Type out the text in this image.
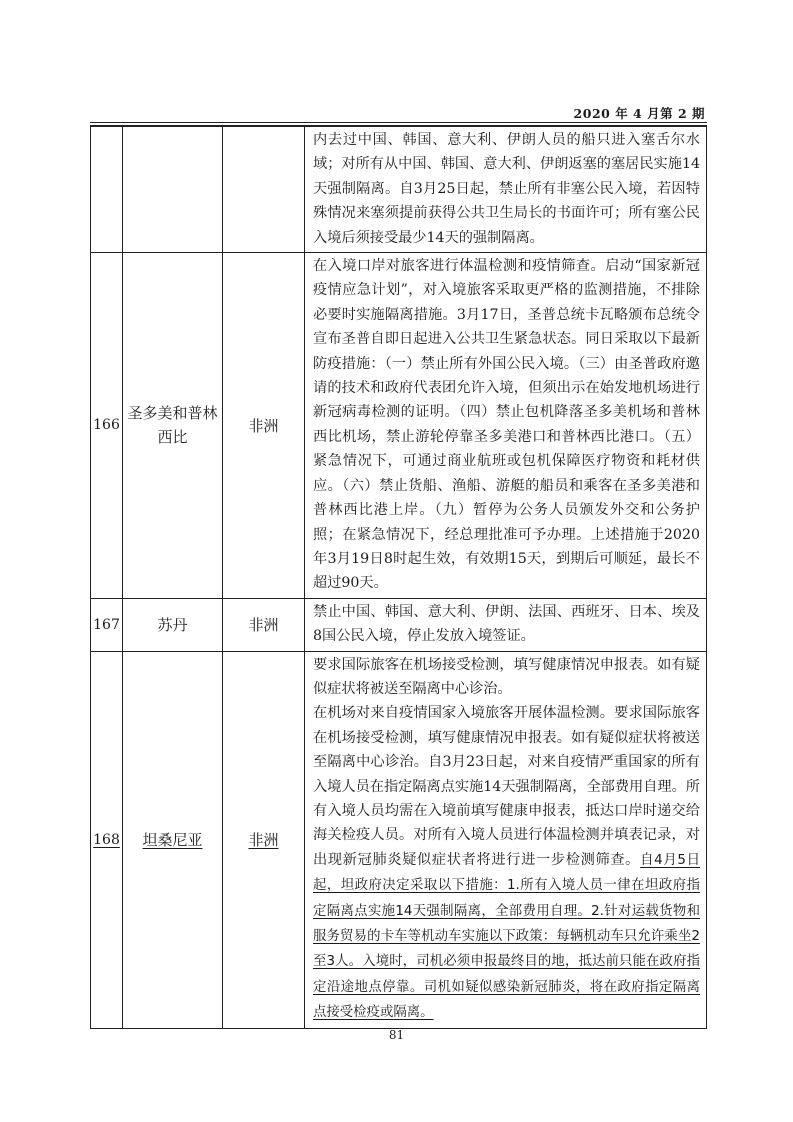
2020 年 4 月第 2 期

			内去过中国、韩国、意大利、伊朗人员的船只进入塞舌尔水域；对所有从中国、韩国、意大利、伊朗返塞的塞居民实施14天强制隔离。自3月25日起，禁止所有非塞公民入境，若因特殊情况来塞须提前获得公共卫生局长的书面许可；所有塞公民入境后须接受最少14天的强制隔离。

166	圣多美和普林西比	非洲	在入境口岸对旅客进行体温检测和疫情筛查。启动“国家新冠疫情应急计划”，对入境旅客采取更严格的监测措施，不排除必要时实施隔离措施。3月17日，圣普总统卡瓦略颁布总统令宣布圣普自即日起进入公共卫生紧急状态。同日采取以下最新防疫措施：（一）禁止所有外国公民入境。（三）由圣普政府邀请的技术和政府代表团允许入境，但须出示在始发地机场进行新冠病毒检测的证明。（四）禁止包机降落圣多美机场和普林西比机场，禁止游轮停靠圣多美港口和普林西比港口。（五）紧急情况下，可通过商业航班或包机保障医疗物资和耗材供应。（六）禁止货船、渔船、游艇的船员和乘客在圣多美港和普林西比港上岸。（九）暂停为公务人员颁发外交和公务护照；在紧急情况下，经总理批准可予办理。上述措施于2020年3月19日8时起生效，有效期15天，到期后可顺延，最长不超过90天。

167	苏丹	非洲	禁止中国、韩国、意大利、伊朗、法国、西班牙、日本、埃及8国公民入境，停止发放入境签证。

168	坦桑尼亚	非洲	要求国际旅客在机场接受检测，填写健康情况申报表。如有疑似症状将被送至隔离中心诊治。
在机场对来自疫情国家入境旅客开展体温检测。要求国际旅客在机场接受检测，填写健康情况申报表。如有疑似症状将被送至隔离中心诊治。自3月23日起，对来自疫情严重国家的所有入境人员在指定隔离点实施14天强制隔离，全部费用自理。所有入境人员均需在入境前填写健康申报表，抵达口岸时递交给海关检疫人员。对所有入境人员进行体温检测并填表记录，对出现新冠肺炎疑似症状者将进行进一步检测筛查。自4月5日起，坦政府决定采取以下措施：1.所有入境人员一律在坦政府指定隔离点实施14天强制隔离，全部费用自理。2.针对运载货物和服务贸易的卡车等机动车实施以下政策：每辆机动车只允许乘坐2至3人。入境时，司机必须申报最终目的地，抵达前只能在政府指定沿途地点停靠。司机如疑似感染新冠肺炎，将在政府指定隔离点接受检疫或隔离。
81
